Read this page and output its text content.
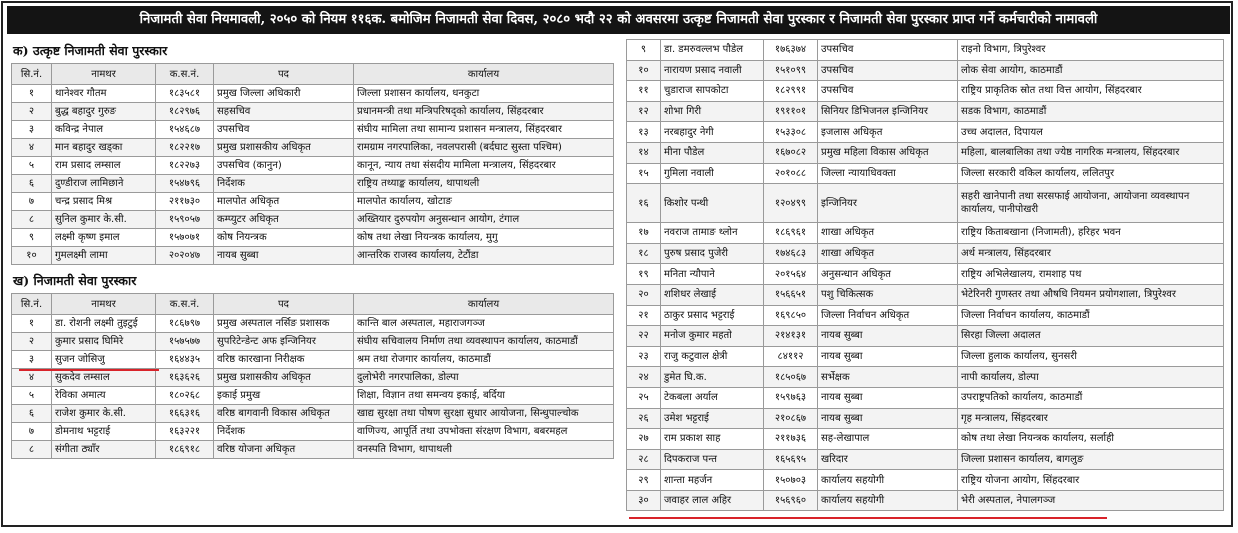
निजामती सेवा नियमावली, २०५० को नियम ११६क. बमोजिम निजामती सेवा दिवस, २०८० भदौ २२ को अवसरमा उत्कृष्ट निजामती सेवा पुरस्कार र निजामती सेवा पुरस्कार प्राप्त गर्ने कर्मचारीको नामावली
क) उत्कृष्ट निजामती सेवा पुरस्कार
सि.नं.	नामथर	क.स.नं.	पद	कार्यालय
१	थानेश्वर गौतम	१८३५८१	प्रमुख जिल्ला अधिकारी	जिल्ला प्रशासन कार्यालय, धनकुटा
२	बुद्ध बहादुर गुरुङ	१८२९७६	सहसचिव	प्रधानमन्त्री तथा मन्त्रिपरिषद्को कार्यालय, सिंहदरबार
३	कविन्द्र नेपाल	१५४६८७	उपसचिव	संघीय मामिला तथा सामान्य प्रशासन मन्त्रालय, सिंहदरबार
४	मान बहादुर खड्का	१८२२१७	प्रमुख प्रशासकीय अधिकृत	रामग्राम नगरपालिका, नवलपरासी (बर्दघाट सुस्ता पश्चिम)
५	राम प्रसाद लम्साल	१८२२७३	उपसचिव (कानुन)	कानून, न्याय तथा संसदीय मामिला मन्त्रालय, सिंहदरबार
६	दुण्डीराज लामिछाने	१५४७९६	निर्देशक	राष्ट्रिय तथ्याङ्क कार्यालय, थापाथली
७	चन्द्र प्रसाद मिश्र	२११७३०	मालपोत अधिकृत	मालपोत कार्यालय, खोटाङ
८	सुनिल कुमार के.सी.	१५९०५७	कम्प्युटर अधिकृत	अख्तियार दुरुपयोग अनुसन्धान आयोग, टंगाल
९	लक्ष्मी कृष्ण इमाल	१५७०७१	कोष नियन्त्रक	कोष तथा लेखा नियन्त्रक कार्यालय, मुगु
१०	गुमलक्ष्मी लामा	२०२०४७	नायब सुब्बा	आन्तरिक राजस्व कार्यालय, टेटौंडा
ख) निजामती सेवा पुरस्कार
सि.नं.	नामथर	क.स.नं.	पद	कार्यालय
१	डा. रोशनी लक्ष्मी तुइटुई	१८६७९७	प्रमुख अस्पताल नर्सिङ प्रशासक	कान्ति बाल अस्पताल, महाराजगञ्ज
२	कुमार प्रसाद घिमिरे	१५७५७७	सुपरिटेन्डेन्ट अफ इन्जिनियर	संघीय सचिवालय निर्माण तथा व्यवस्थापन कार्यालय, काठमाडौं
३	सुजन जोसिजु	१६४४३५	वरिष्ठ कारखाना निरीक्षक	श्रम तथा रोजगार कार्यालय, काठमाडौं
४	सुकदेव लम्साल	१६३६२६	प्रमुख प्रशासकीय अधिकृत	दुलोभेरी नगरपालिका, डोल्पा
५	रेविका अमात्य	१८०२६८	इकाई प्रमुख	शिक्षा, विज्ञान तथा समन्वय इकाई, बर्दिया
६	राजेश कुमार के.सी.	१६६३१६	वरिष्ठ बागवानी विकास अधिकृत	खाद्य सुरक्षा तथा पोषण सुरक्षा सुधार आयोजना, सिन्धुपाल्चोक
७	डोमनाथ भट्टराई	१६३२२१	निर्देशक	वाणिज्य, आपूर्ति तथा उपभोक्ता संरक्षण विभाग, बबरमहल
८	संगीता ठ्याँर	१८६९१८	वरिष्ठ योजना अधिकृत	वनस्पति विभाग, थापाथली
९	डा. डमरुवल्लभ पौडेल	१७६३७४	उपसचिव	राइनो विभाग, त्रिपुरेश्वर
१०	नारायण प्रसाद नवाली	१५१०९९	उपसचिव	लोक सेवा आयोग, काठमाडौं
११	चुडाराज सापकोटा	१८२९९१	उपसचिव	राष्ट्रिय प्राकृतिक स्रोत तथा वित्त आयोग, सिंहदरबार
१२	शोभा गिरी	१९११०१	सिनियर डिभिजनल इन्जिनियर	सडक विभाग, काठमाडौं
१३	नरबहादुर नेगी	१५३३०८	इजलास अधिकृत	उच्च अदालत, दिपायल
१४	मीना पौडेल	१६७०८२	प्रमुख महिला विकास अधिकृत	महिला, बालबालिका तथा ज्येष्ठ नागरिक मन्त्रालय, सिंहदरबार
१५	गुमिला नवाली	२०१०८८	जिल्ला न्यायाधिवक्ता	जिल्ला सरकारी वकिल कार्यालय, ललितपुर
१६	किशोर पन्थी	१२०४९९	इन्जिनियर	सहरी खानेपानी तथा सरसफाई आयोजना, आयोजना व्यवस्थापन कार्यालय, पानीपोखरी
१७	नवराज तामाङ थ्लोन	१८६९६१	शाखा अधिकृत	राष्ट्रिय किताबखाना (निजामती), हरिहर भवन
१८	पुरुष प्रसाद पुजेरी	१७४६८३	शाखा अधिकृत	अर्थ मन्त्रालय, सिंहदरबार
१९	मनिता न्यौपाने	२०१५६४	अनुसन्धान अधिकृत	राष्ट्रिय अभिलेखालय, रामशाह पथ
२०	शशिधर लेखाई	१५६६५१	पशु चिकित्सक	भेटेरिनरी गुणस्तर तथा औषधि नियमन प्रयोगशाला, त्रिपुरेश्वर
२१	ठाकुर प्रसाद भट्टराई	१६९८५०	जिल्ला निर्वाचन अधिकृत	जिल्ला निर्वाचन कार्यालय, काठमाडौं
२२	मनोज कुमार महतो	२१४१३१	नायब सुब्बा	सिरहा जिल्ला अदालत
२३	राजु कटुवाल क्षेत्री	८४११२	नायब सुब्बा	जिल्ला हुलाक कार्यालय, सुनसरी
२४	डुमेत घि.क.	१८५०६७	सर्भेक्षक	नापी कार्यालय, डोल्पा
२५	टेकबला अर्याल	१५९७६३	नायब सुब्बा	उपराष्ट्रपतिको कार्यालय, काठमाडौं
२६	उमेश भट्टराई	२१०८६७	नायब सुब्बा	गृह मन्त्रालय, सिंहदरबार
२७	राम प्रकाश साह	२११७३६	सह-लेखापाल	कोष तथा लेखा नियन्त्रक कार्यालय, सर्लाही
२८	दिपकराज पन्त	१६५६९५	खरिदार	जिल्ला प्रशासन कार्यालय, बागलुङ
२९	शान्ता महर्जन	१५०७०३	कार्यालय सहयोगी	राष्ट्रिय योजना आयोग, सिंहदरबार
३०	जवाहर लाल अहिर	१५६९६०	कार्यालय सहयोगी	भेरी अस्पताल, नेपालगञ्ज
